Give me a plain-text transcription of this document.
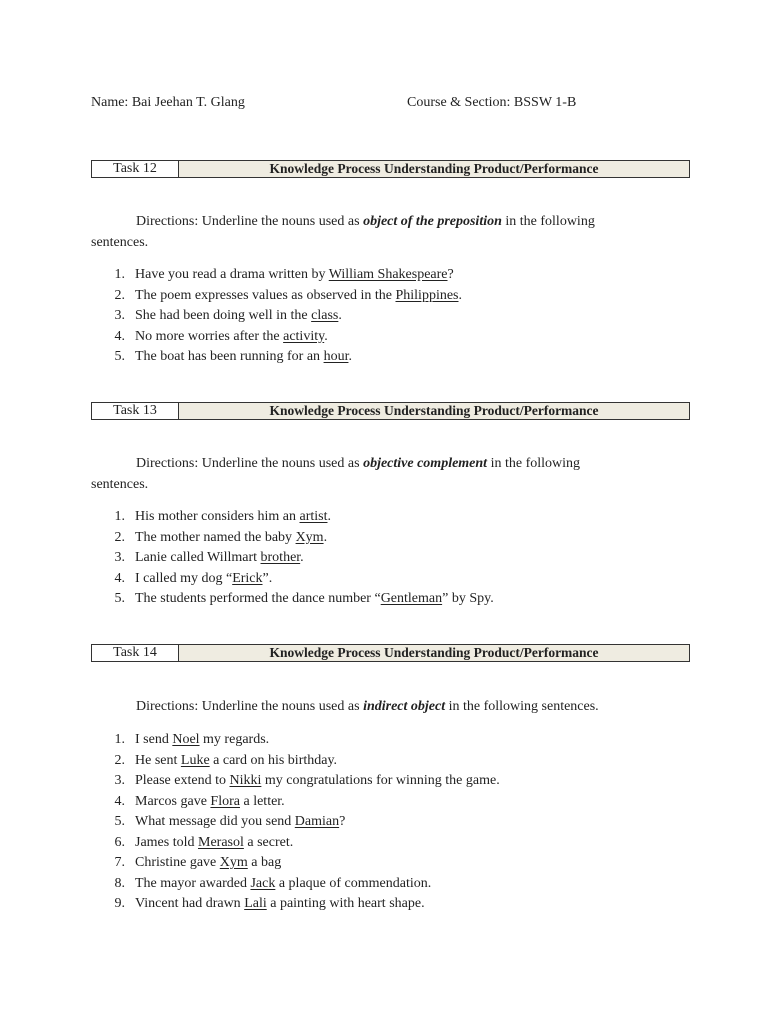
Name: Bai Jeehan T. Glang	Course & Section: BSSW 1-B
Task 12	Knowledge Process Understanding Product/Performance
Directions: Underline the nouns used as object of the preposition in the following
sentences.
1. Have you read a drama written by William Shakespeare?
2. The poem expresses values as observed in the Philippines.
3. She had been doing well in the class.
4. No more worries after the activity.
5. The boat has been running for an hour.
Task 13	Knowledge Process Understanding Product/Performance
Directions: Underline the nouns used as objective complement in the following
sentences.
1. His mother considers him an artist.
2. The mother named the baby Xym.
3. Lanie called Willmart brother.
4. I called my dog “Erick”.
5. The students performed the dance number “Gentleman” by Spy.
Task 14	Knowledge Process Understanding Product/Performance
Directions: Underline the nouns used as indirect object in the following sentences.
1. I send Noel my regards.
2. He sent Luke a card on his birthday.
3. Please extend to Nikki my congratulations for winning the game.
4. Marcos gave Flora a letter.
5. What message did you send Damian?
6. James told Merasol a secret.
7. Christine gave Xym a bag
8. The mayor awarded Jack a plaque of commendation.
9. Vincent had drawn Lali a painting with heart shape.
